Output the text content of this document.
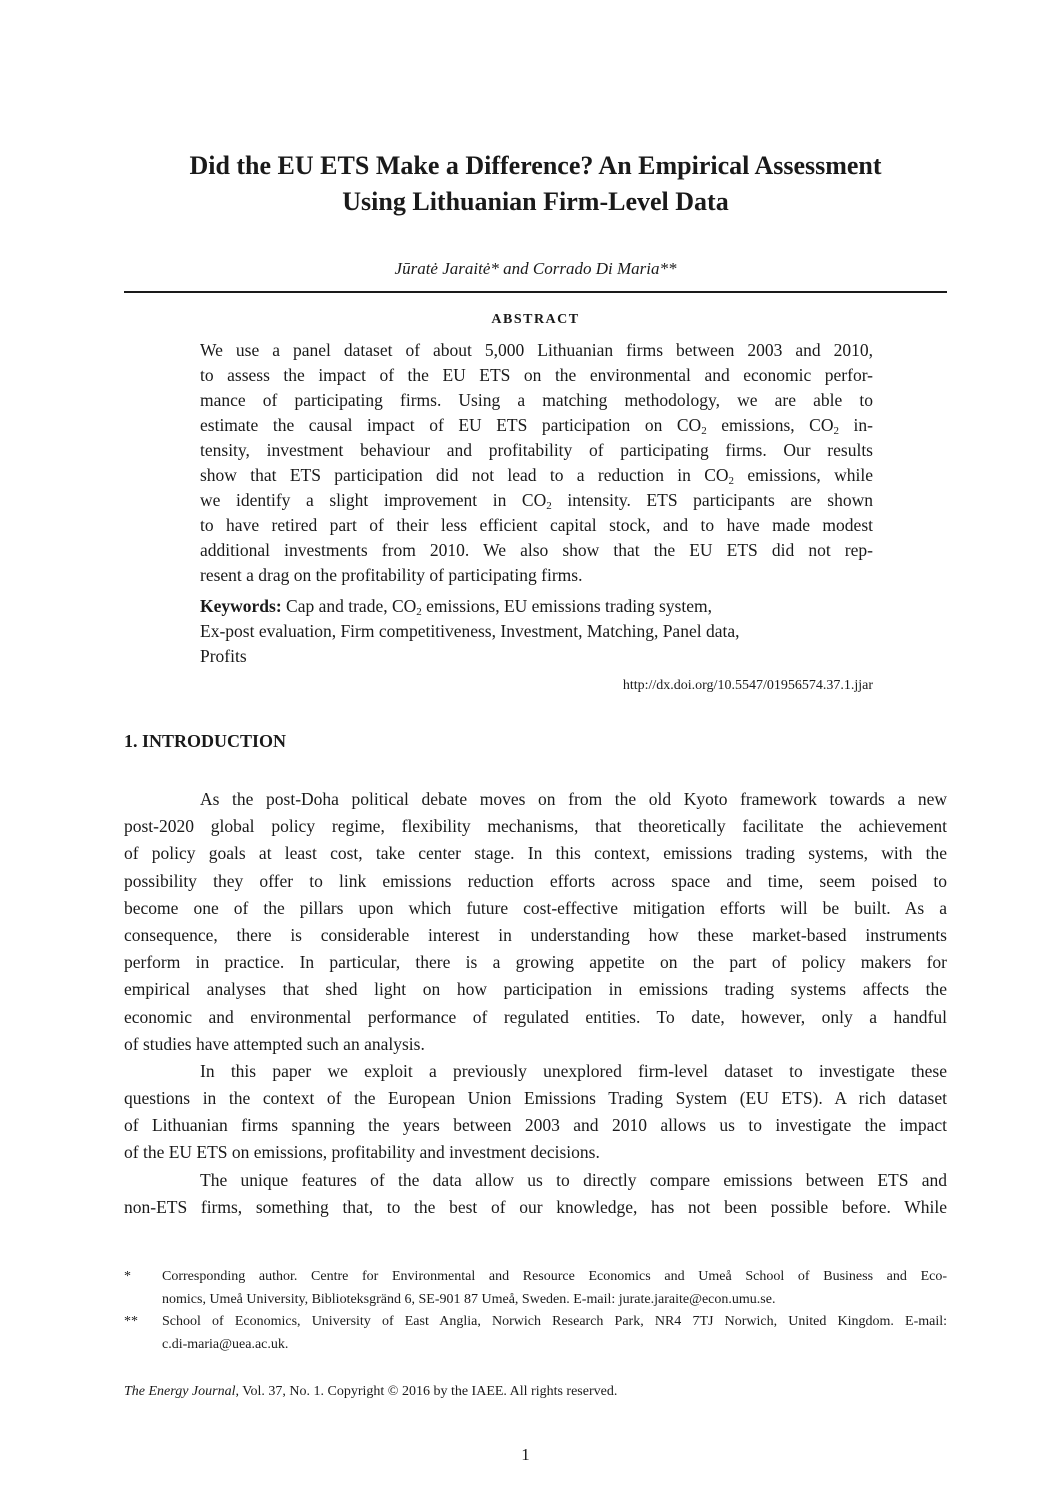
Did the EU ETS Make a Difference? An Empirical Assessment
Using Lithuanian Firm-Level Data
Jūratė Jaraitė* and Corrado Di Maria**
ABSTRACT
We use a panel dataset of about 5,000 Lithuanian firms between 2003 and 2010,
to assess the impact of the EU ETS on the environmental and economic perfor-
mance of participating firms. Using a matching methodology, we are able to
estimate the causal impact of EU ETS participation on $CO_2$ emissions, $CO_2$ in-
tensity, investment behaviour and profitability of participating firms. Our results
show that ETS participation did not lead to a reduction in $CO_2$ emissions, while
we identify a slight improvement in $CO_2$ intensity. ETS participants are shown
to have retired part of their less efficient capital stock, and to have made modest
additional investments from 2010. We also show that the EU ETS did not rep-
resent a drag on the profitability of participating firms.
Keywords: Cap and trade, $CO_2$ emissions, EU emissions trading system,
Ex-post evaluation, Firm competitiveness, Investment, Matching, Panel data,
Profits
http://dx.doi.org/10.5547/01956574.37.1.jjar
1. INTRODUCTION
As the post-Doha political debate moves on from the old Kyoto framework towards a new
post-2020 global policy regime, flexibility mechanisms, that theoretically facilitate the achievement
of policy goals at least cost, take center stage. In this context, emissions trading systems, with the
possibility they offer to link emissions reduction efforts across space and time, seem poised to
become one of the pillars upon which future cost-effective mitigation efforts will be built. As a
consequence, there is considerable interest in understanding how these market-based instruments
perform in practice. In particular, there is a growing appetite on the part of policy makers for
empirical analyses that shed light on how participation in emissions trading systems affects the
economic and environmental performance of regulated entities. To date, however, only a handful
of studies have attempted such an analysis.
In this paper we exploit a previously unexplored firm-level dataset to investigate these
questions in the context of the European Union Emissions Trading System (EU ETS). A rich dataset
of Lithuanian firms spanning the years between 2003 and 2010 allows us to investigate the impact
of the EU ETS on emissions, profitability and investment decisions.
The unique features of the data allow us to directly compare emissions between ETS and
non-ETS firms, something that, to the best of our knowledge, has not been possible before. While
* Corresponding author. Centre for Environmental and Resource Economics and Umeå School of Business and Eco-
nomics, Umeå University, Biblioteksgränd 6, SE-901 87 Umeå, Sweden. E-mail: jurate.jaraite@econ.umu.se.
** School of Economics, University of East Anglia, Norwich Research Park, NR4 7TJ Norwich, United Kingdom. E-mail:
c.di-maria@uea.ac.uk.
The Energy Journal, Vol. 37, No. 1. Copyright © 2016 by the IAEE. All rights reserved.
1
